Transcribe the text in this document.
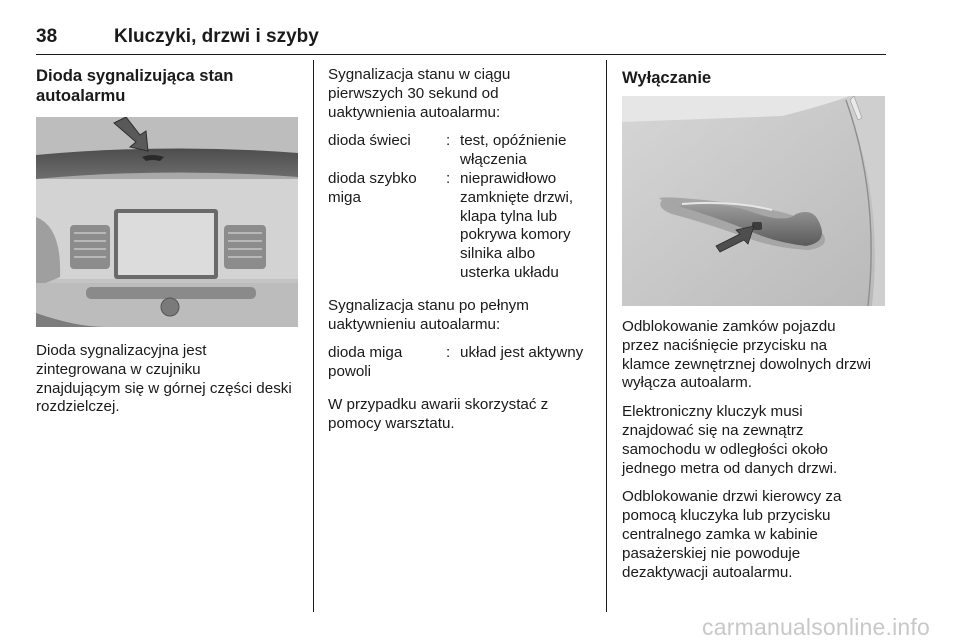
38	Kluczyki, drzwi i szyby

Dioda sygnalizująca stan autoalarmu

Dioda sygnalizacyjna jest
zintegrowana w czujniku
znajdującym się w górnej części deski
rozdzielczej.

Sygnalizacja stanu w ciągu
pierwszych 30 sekund od
uaktywnienia autoalarmu:

dioda świeci	: test, opóźnienie
włączenia
dioda szybko
miga
: nieprawidłowo
zamknięte drzwi,
klapa tylna lub
pokrywa komory
silnika albo
usterka układu

Sygnalizacja stanu po pełnym
uaktywnieniu autoalarmu:

dioda miga
powoli
: układ jest aktywny

W przypadku awarii skorzystać z
pomocy warsztatu.

Wyłączanie

Odblokowanie zamków pojazdu
przez naciśnięcie przycisku na
klamce zewnętrznej dowolnych drzwi
wyłącza autoalarm.

Elektroniczny kluczyk musi
znajdować się na zewnątrz
samochodu w odległości około
jednego metra od danych drzwi.

Odblokowanie drzwi kierowcy za
pomocą kluczyka lub przycisku
centralnego zamka w kabinie
pasażerskiej nie powoduje
dezaktywacji autoalarmu.

carmanualsonline.info
